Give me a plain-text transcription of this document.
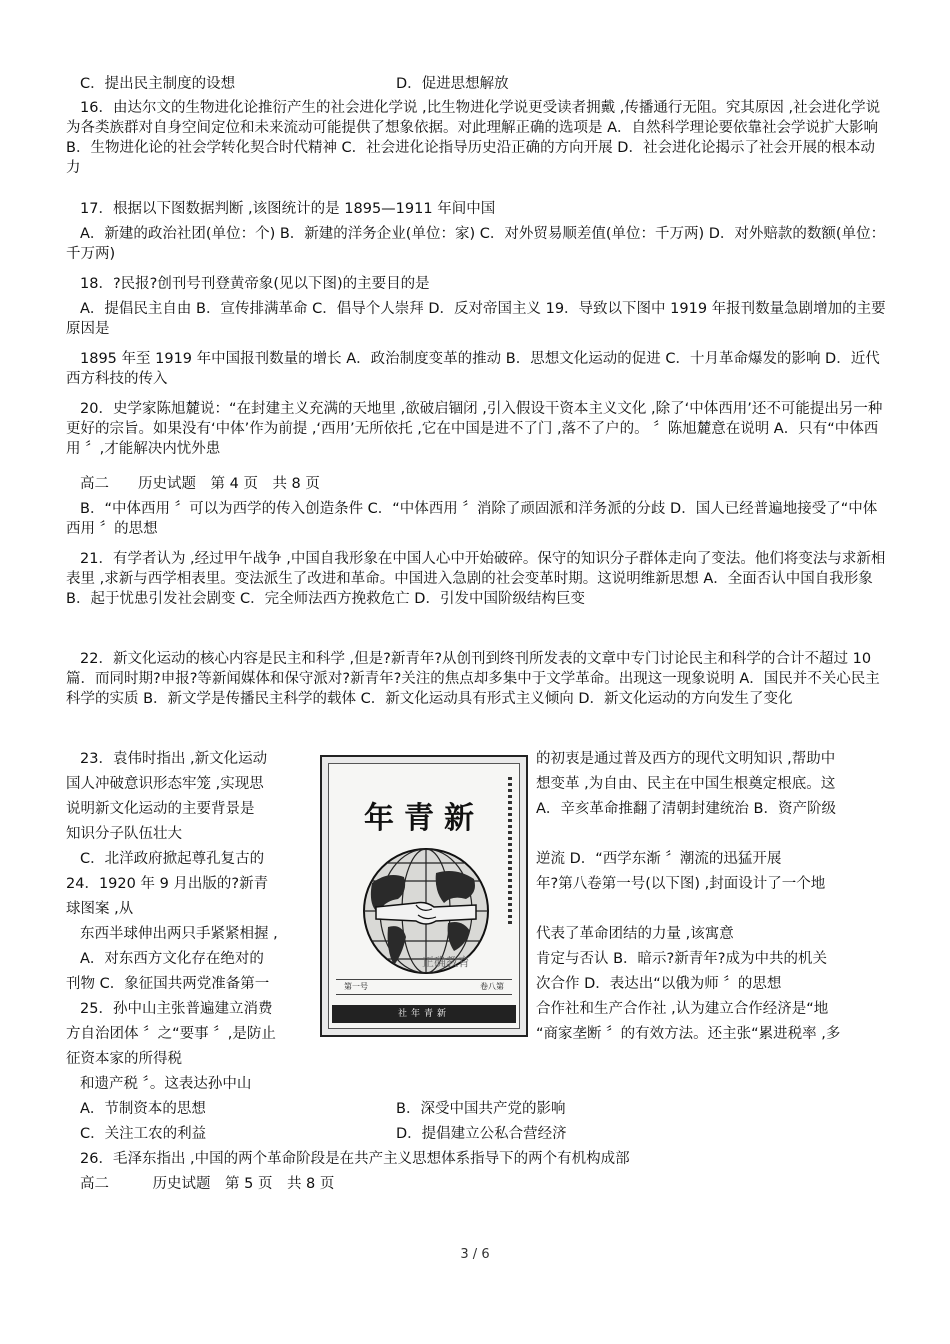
C．提出民主制度的设想	D．促进思想解放
16．由达尔文的生物进化论推衍产生的社会进化学说 ,比生物进化学说更受读者拥戴 ,传播通行无阻。究其原因 ,社会进化学说为各类族群对自身空间定位和未来流动可能提供了想象依据。对此理解正确的选项是 A．自然科学理论要依靠社会学说扩大影响 B．生物进化论的社会学转化契合时代精神 C．社会进化论指导历史沿正确的方向开展 D．社会进化论揭示了社会开展的根本动力
17．根据以下图数据判断 ,该图统计的是 1895—1911 年间中国
A．新建的政治社团(单位：个) B．新建的洋务企业(单位：家) C．对外贸易顺差值(单位：千万两) D．对外赔款的数额(单位：千万两)
18．?民报?创刊号刊登黄帝象(见以下图)的主要目的是
A．提倡民主自由 B．宣传排满革命 C．倡导个人崇拜 D．反对帝国主义 19．导致以下图中 1919 年报刊数量急剧增加的主要原因是
1895 年至 1919 年中国报刊数量的增长 A．政治制度变革的推动 B．思想文化运动的促进 C．十月革命爆发的影响 D．近代西方科技的传入
20．史学家陈旭麓说：“在封建主义充满的天地里 ,欲破启锢闭 ,引入假设干资本主义文化 ,除了‘中体西用’还不可能提出另一种更好的宗旨。如果没有‘中体’作为前提 ,‘西用’无所依托 ,它在中国是进不了门 ,落不了户的。 〞陈旭麓意在说明 A．只有“中体西用 〞,才能解决内忧外患
高二　　历史试题　第 4 页　共 8 页
B．“中体西用 〞可以为西学的传入创造条件 C．“中体西用 〞消除了顽固派和洋务派的分歧 D．国人已经普遍地接受了“中体西用 〞的思想
21．有学者认为 ,经过甲午战争 ,中国自我形象在中国人心中开始破碎。保守的知识分子群体走向了变法。他们将变法与求新相表里 ,求新与西学相表里。变法派生了改进和革命。中国进入急剧的社会变革时期。这说明维新思想 A．全面否认中国自我形象 B．起于忧患引发社会剧变 C．完全师法西方挽救危亡 D．引发中国阶级结构巨变
22．新文化运动的核心内容是民主和科学 ,但是?新青年?从创刊到终刊所发表的文章中专门讨论民主和科学的合计不超过 10 篇．而同时期?申报?等新闻媒体和保守派对?新青年?关注的焦点却多集中于文学革命。出现这一现象说明 A．国民并不关心民主科学的实质 B．新文学是传播民主科学的载体 C．新文化运动具有形式主义倾向 D．新文化运动的方向发生了变化
23．袁伟时指出 ,新文化运动	的初衷是通过普及西方的现代文明知识 ,帮助中
国人冲破意识形态牢笼 ,实现思	想变革 ,为自由、民主在中国生根奠定根底。这
说明新文化运动的主要背景是	A．辛亥革命推翻了清朝封建统治 B．资产阶级
知识分子队伍壮大
C．北洋政府掀起尊孔复古的	逆流 D．“西学东渐 〞潮流的迅猛开展
24．1920 年 9 月出版的?新青	年?第八卷第一号(以下图) ,封面设计了一个地
球图案 ,从
东西半球伸出两只手紧紧相握 ,	代表了革命团结的力量 ,该寓意
A．对东西方文化存在绝对的	肯定与否认 B．暗示?新青年?成为中共的机关
刊物 C．象征国共两党准备第一	次合作 D．表达出“以俄为师 〞的思想
25．孙中山主张普遍建立消费	合作社和生产合作社 ,认为建立合作经济是“地
方自治团体 〞之“要事 〞,是防止	“商家垄断 〞的有效方法。还主张“累进税率 ,多
征资本家的所得税
和遗产税 〞。这表达孙中山
A．节制资本的思想	B．深受中国共产党的影响
C．关注工农的利益	D．提倡建立公私合营经济
26．毛泽东指出 ,中国的两个革命阶段是在共产主义思想体系指导下的两个有机构成部
高二　　　历史试题　第 5 页　共 8 页
年青新
正确教育
第一号	卷八第
社年青新
3 / 6
